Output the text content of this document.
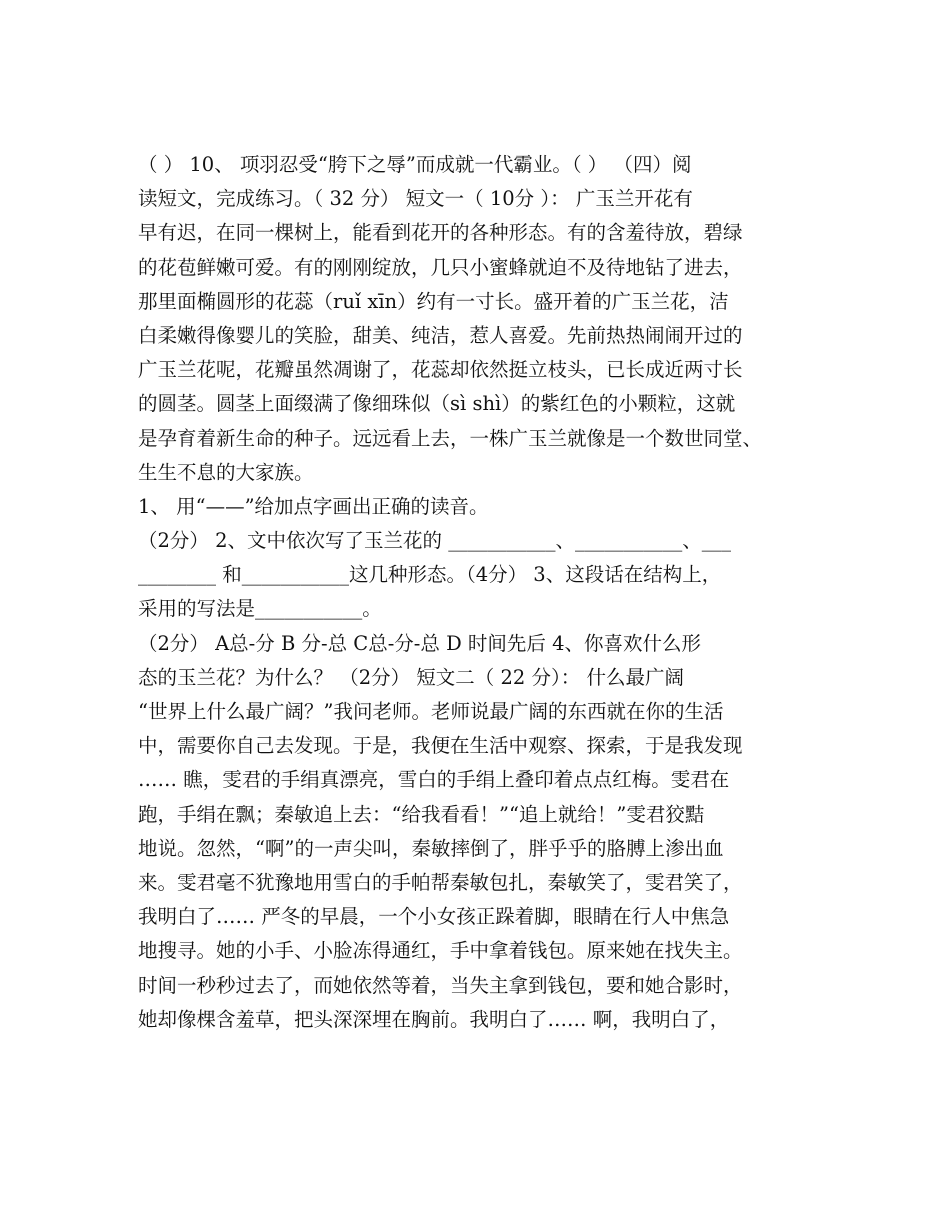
（ ） 10、 项羽忍受“胯下之辱”而成就一代霸业。（ ） （四）阅
读短文，完成练习。（ 32 分） 短文一（ 10分 ）： 广玉兰开花有
早有迟，在同一棵树上，能看到花开的各种形态。有的含羞待放，碧绿
的花苞鲜嫩可爱。有的刚刚绽放，几只小蜜蜂就迫不及待地钻了进去，
那里面椭圆形的花蕊（ruǐ xīn）约有一寸长。盛开着的广玉兰花，洁
白柔嫩得像婴儿的笑脸，甜美、纯洁，惹人喜爱。先前热热闹闹开过的
广玉兰花呢，花瓣虽然凋谢了，花蕊却依然挺立枝头，已长成近两寸长
的圆茎。圆茎上面缀满了像细珠似（sì shì）的紫红色的小颗粒，这就
是孕育着新生命的种子。远远看上去，一株广玉兰就像是一个数世同堂、
生生不息的大家族。
1、 用“——”给加点字画出正确的读音。
（2分） 2、文中依次写了玉兰花的 ___________、___________、___
________ 和___________这几种形态。（4分） 3、这段话在结构上，
采用的写法是___________。
（2分） A总-分 B 分-总 C总-分-总 D 时间先后 4、你喜欢什么形
态的玉兰花？为什么？ （2分） 短文二（ 22 分）： 什么最广阔
“世界上什么最广阔？”我问老师。老师说最广阔的东西就在你的生活
中，需要你自己去发现。于是，我便在生活中观察、探索，于是我发现
…… 瞧，雯君的手绢真漂亮，雪白的手绢上叠印着点点红梅。雯君在
跑，手绢在飘；秦敏追上去：“给我看看！”“追上就给！”雯君狡黠
地说。忽然，“啊”的一声尖叫，秦敏摔倒了，胖乎乎的胳膊上渗出血
来。雯君毫不犹豫地用雪白的手帕帮秦敏包扎，秦敏笑了，雯君笑了，
我明白了…… 严冬的早晨，一个小女孩正跺着脚，眼睛在行人中焦急
地搜寻。她的小手、小脸冻得通红，手中拿着钱包。原来她在找失主。
时间一秒秒过去了，而她依然等着，当失主拿到钱包，要和她合影时，
她却像棵含羞草，把头深深埋在胸前。我明白了…… 啊，我明白了，
